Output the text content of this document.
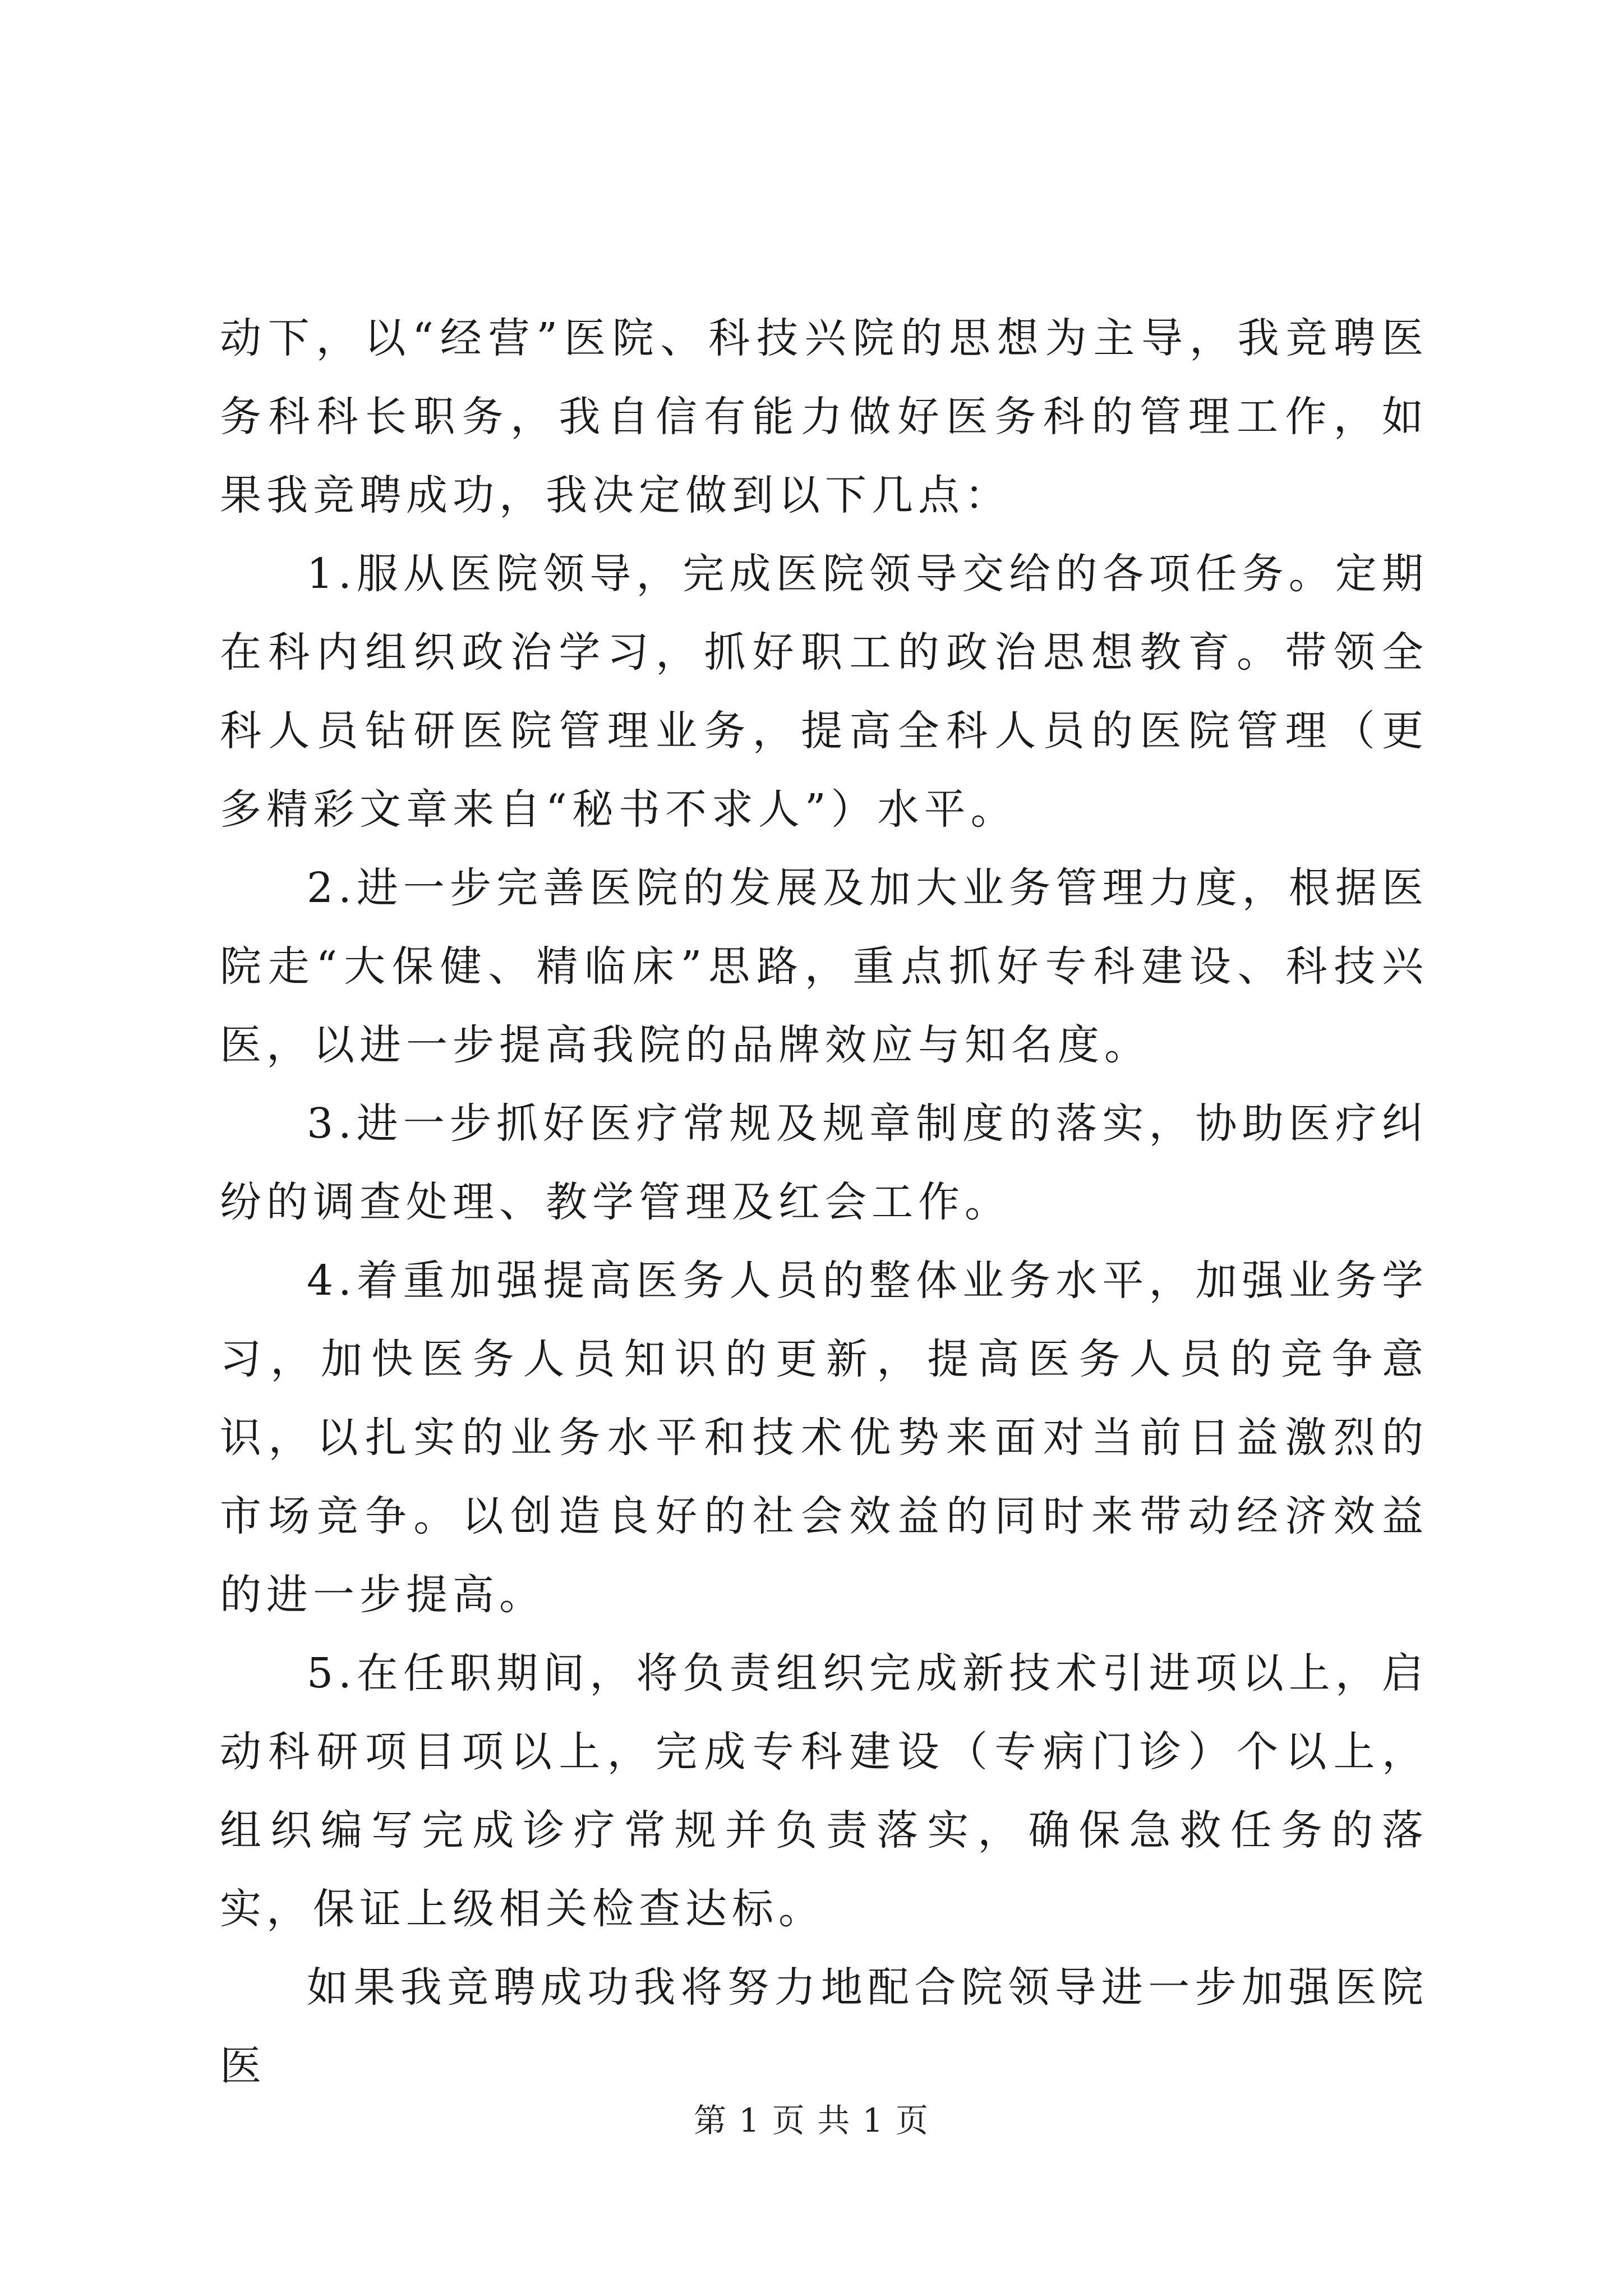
动下，以“经营”医院、科技兴院的思想为主导，我竞聘医务科科长职务，我自信有能力做好医务科的管理工作，如果我竞聘成功，我决定做到以下几点：

1.服从医院领导，完成医院领导交给的各项任务。定期在科内组织政治学习，抓好职工的政治思想教育。带领全科人员钻研医院管理业务，提高全科人员的医院管理（更多精彩文章来自“秘书不求人”）水平。

2.进一步完善医院的发展及加大业务管理力度，根据医院走“大保健、精临床”思路，重点抓好专科建设、科技兴医，以进一步提高我院的品牌效应与知名度。

3.进一步抓好医疗常规及规章制度的落实，协助医疗纠纷的调查处理、教学管理及红会工作。

4.着重加强提高医务人员的整体业务水平，加强业务学习，加快医务人员知识的更新，提高医务人员的竞争意识，以扎实的业务水平和技术优势来面对当前日益激烈的市场竞争。以创造良好的社会效益的同时来带动经济效益的进一步提高。

5.在任职期间，将负责组织完成新技术引进项以上，启动科研项目项以上，完成专科建设（专病门诊）个以上，组织编写完成诊疗常规并负责落实，确保急救任务的落实，保证上级相关检查达标。

如果我竞聘成功我将努力地配合院领导进一步加强医院医

第 1 页 共 1 页
